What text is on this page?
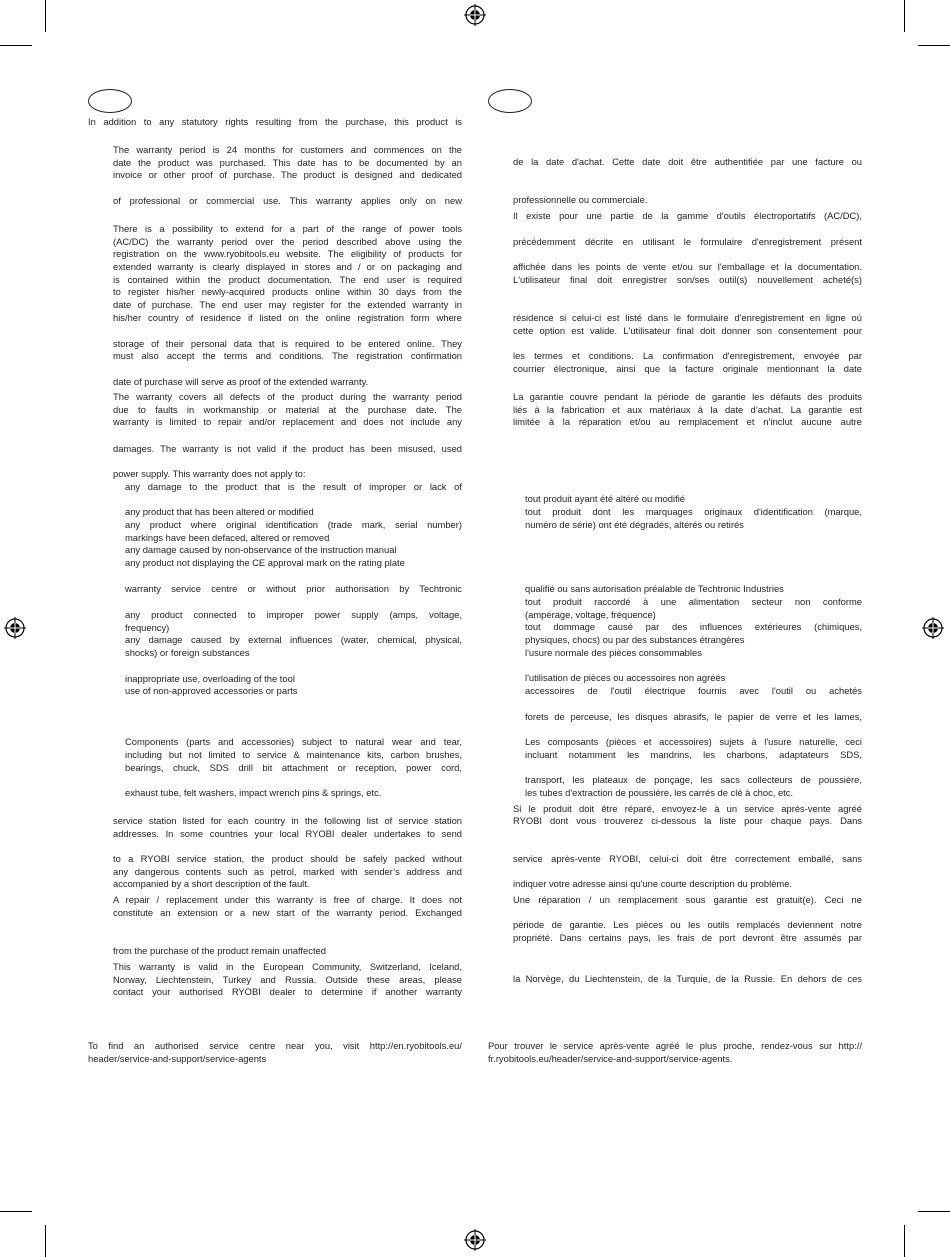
In addition to any statutory rights resulting from the purchase, this product is

The warranty period is 24 months for customers and commences on the

date the product was purchased. This date has to be documented by an

invoice or other proof of purchase. The product is designed and dedicated

of professional or commercial use. This warranty applies only on new

There is a possibility to extend for a part of the range of power tools

(AC/DC) the warranty period over the period described above using the

registration on the www.ryobitools.eu website. The eligibility of products for

extended warranty is clearly displayed in stores and / or on packaging and

is contained within the product documentation. The end user is required

to register his/her newly-acquired products online within 30 days from the

date of purchase. The end user may register for the extended warranty in

his/her country of residence if listed on the online registration form where

storage of their personal data that is required to be entered online. They

must also accept the terms and conditions. The registration confirmation

date of purchase will serve as proof of the extended warranty.

The warranty covers all defects of the product during the warranty period

due to faults in workmanship or material at the purchase date. The

warranty is limited to repair and/or replacement and does not include any

damages. The warranty is not valid if the product has been misused, used

power supply. This warranty does not apply to:

any damage to the product that is the result of improper or lack of

any product that has been altered or modified

any product where original identification (trade mark, serial number)

markings have been defaced, altered or removed

any damage caused by non-observance of the instruction manual

any product not displaying the CE approval mark on the rating plate

warranty service centre or without prior authorisation by Techtronic

any product connected to improper power supply (amps, voltage,

frequency)

any damage caused by external influences (water, chemical, physical,

shocks) or foreign substances

inappropriate use, overloading of the tool

use of non-approved accessories or parts

Components (parts and accessories) subject to natural wear and tear,

including but not limited to service & maintenance kits, carbon brushes,

bearings, chuck, SDS drill bit attachment or reception, power cord,

exhaust tube, felt washers, impact wrench pins & springs, etc.

service station listed for each country in the following list of service station

addresses. In some countries your local RYOBI dealer undertakes to send

to a RYOBI service station, the product should be safely packed without

any dangerous contents such as petrol, marked with sender’s address and

accompanied by a short description of the fault.

A repair / replacement under this warranty is free of charge. It does not

constitute an extension or a new start of the warranty period. Exchanged

from the purchase of the product remain unaffected

This warranty is valid in the European Community, Switzerland, Iceland,

Norway, Liechtenstein, Turkey and Russia. Outside these areas, please

contact your authorised RYOBI dealer to determine if another warranty

To find an authorised service centre near you, visit http://en.ryobitools.eu/

header/service-and-support/service-agents

de la date d'achat. Cette date doit être authentifiée par une facture ou

professionnelle ou commerciale.

Il existe pour une partie de la gamme d'outils électroportatifs (AC/DC),

précédemment décrite en utilisant le formulaire d'enregistrement présent

affichée dans les points de vente et/ou sur l'emballage et la documentation.

L'utilisateur final doit enregistrer son/ses outil(s) nouvellement acheté(s)

résidence si celui-ci est listé dans le formulaire d'enregistrement en ligne où

cette option est valide. L'utilisateur final doit donner son consentement pour

les termes et conditions. La confirmation d'enregistrement, envoyée par

courrier électronique, ainsi que la facture originale mentionnant la date

La garantie couvre pendant la période de garantie les défauts des produits

liés à la fabrication et aux matériaux à la date d’achat. La garantie est

limitée à la réparation et/ou au remplacement et n’inclut aucune autre

tout produit ayant été altéré ou modifié

tout produit dont les marquages originaux d'identification (marque,

numéro de série) ont été dégradés, altérés ou retirés

qualifié ou sans autorisation préalable de Techtronic Industries

tout produit raccordé à une alimentation secteur non conforme

(ampérage, voltage, fréquence)

tout dommage causé par des influences extérieures (chimiques,

physiques, chocs) ou par des substances étrangères

l'usure normale des pièces consommables

l'utilisation de pièces ou accessoires non agréés

accessoires de l'outil électrique fournis avec l'outil ou achetés

forets de perceuse, les disques abrasifs, le papier de verre et les lames,

Les composants (pièces et accessoires) sujets à l'usure naturelle, ceci

incluant notamment les mandrins, les charbons, adaptateurs SDS,

transport, les plateaux de ponçage, les sacs collecteurs de poussière,

les tubes d'extraction de poussière, les carrés de clé à choc, etc.

Si le produit doit être réparé, envoyez-le à un service après-vente agréé

RYOBI dont vous trouverez ci-dessous la liste pour chaque pays. Dans

service après-vente RYOBI, celui-ci doit être correctement emballé, sans

indiquer votre adresse ainsi qu'une courte description du problème.

Une réparation / un remplacement sous garantie est gratuit(e). Ceci ne

période de garantie. Les pièces ou les outils remplacés deviennent notre

propriété. Dans certains pays, les frais de port devront être assumés par

la Norvège, du Liechtenstein, de la Turquie, de la Russie. En dehors de ces

Pour trouver le service après-vente agréé le plus proche, rendez-vous sur http://

fr.ryobitools.eu/header/service-and-support/service-agents.
